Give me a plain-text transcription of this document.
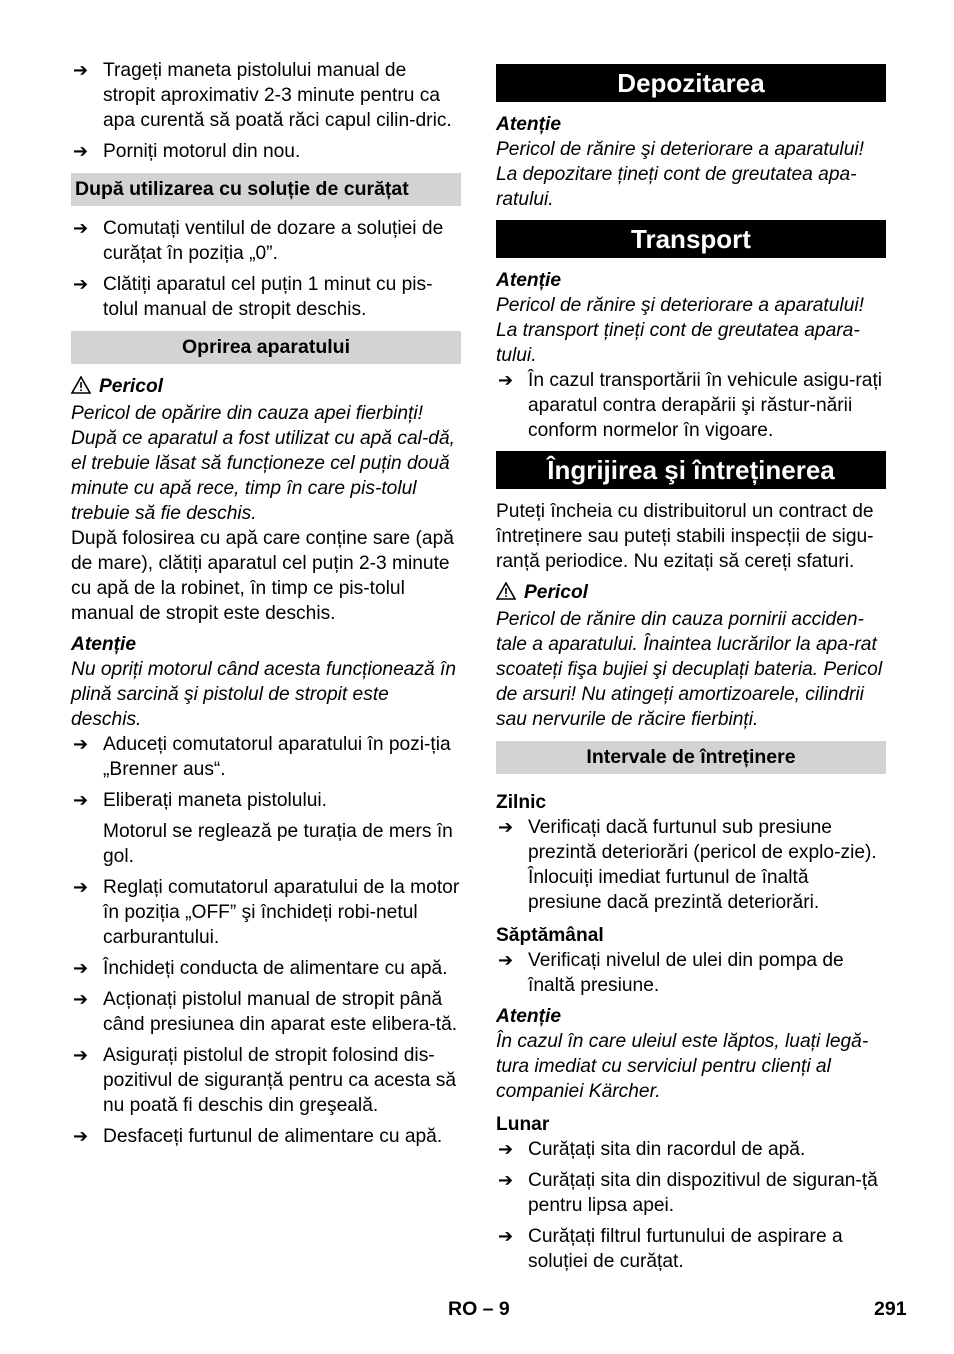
➔ Trageți maneta pistolului manual de stropit aproximativ 2-3 minute pentru ca apa curentă să poată răci capul cilin-dric.

➔ Porniți motorul din nou.

După utilizarea cu soluție de curățat

➔ Comutați ventilul de dozare a soluției de curățat în poziția „0”.

➔ Clătiți aparatul cel puțin 1 minut cu pis-tolul manual de stropit deschis.

Oprirea aparatului

Pericol

Pericol de opărire din cauza apei fierbinți! După ce aparatul a fost utilizat cu apă cal-dă, el trebuie lăsat să funcționeze cel puțin două minute cu apă rece, timp în care pis-tolul trebuie să fie deschis.

După folosirea cu apă care conține sare (apă de mare), clătiți aparatul cel puțin 2-3 minute cu apă de la robinet, în timp ce pis-tolul manual de stropit este deschis.

Atenție

Nu opriți motorul când acesta funcționează în plină sarcină şi pistolul de stropit este deschis.

➔ Aduceți comutatorul aparatului în pozi-ția „Brenner aus“.

➔ Eliberați maneta pistolului.

Motorul se reglează pe turația de mers în gol.

➔ Reglați comutatorul aparatului de la motor în poziția „OFF” şi închideți robi-netul carburantului.

➔ Închideți conducta de alimentare cu apă.

➔ Acționați pistolul manual de stropit până când presiunea din aparat este elibera-tă.

➔ Asigurați pistolul de stropit folosind dis-pozitivul de siguranță pentru ca acesta să nu poată fi deschis din greşeală.

➔ Desfaceți furtunul de alimentare cu apă.

Depozitarea

Atenție

Pericol de rănire şi deteriorare a aparatului! La depozitare țineți cont de greutatea apa-ratului.

Transport

Atenție

Pericol de rănire şi deteriorare a aparatului! La transport țineți cont de greutatea apara-tului.

➔ În cazul transportării în vehicule asigu-rați aparatul contra derapării şi răstur-nării conform normelor în vigoare.

Îngrijirea şi întreținerea

Puteți încheia cu distribuitorul un contract de întreținere sau puteți stabili inspecții de sigu-ranță periodice. Nu ezitați să cereți sfaturi.

Pericol

Pericol de rănire din cauza pornirii acciden-tale a aparatului. Înaintea lucrărilor la apa-rat scoateți fişa bujiei şi decuplați bateria. Pericol de arsuri! Nu atingeți amortizoarele, cilindrii sau nervurile de răcire fierbinți.

Intervale de întreținere

Zilnic

➔ Verificați dacă furtunul sub presiune prezintă deteriorări (pericol de explo-zie). Înlocuiți imediat furtunul de înaltă presiune dacă prezintă deteriorări.

Săptămânal

➔ Verificați nivelul de ulei din pompa de înaltă presiune.

Atenție

În cazul în care uleiul este lăptos, luați legă-tura imediat cu serviciul pentru clienți al companiei Kärcher.

Lunar

➔ Curățați sita din racordul de apă.

➔ Curățați sita din dispozitivul de siguran-ță pentru lipsa apei.

➔ Curățați filtrul furtunului de aspirare a soluției de curățat.

RO – 9	291
